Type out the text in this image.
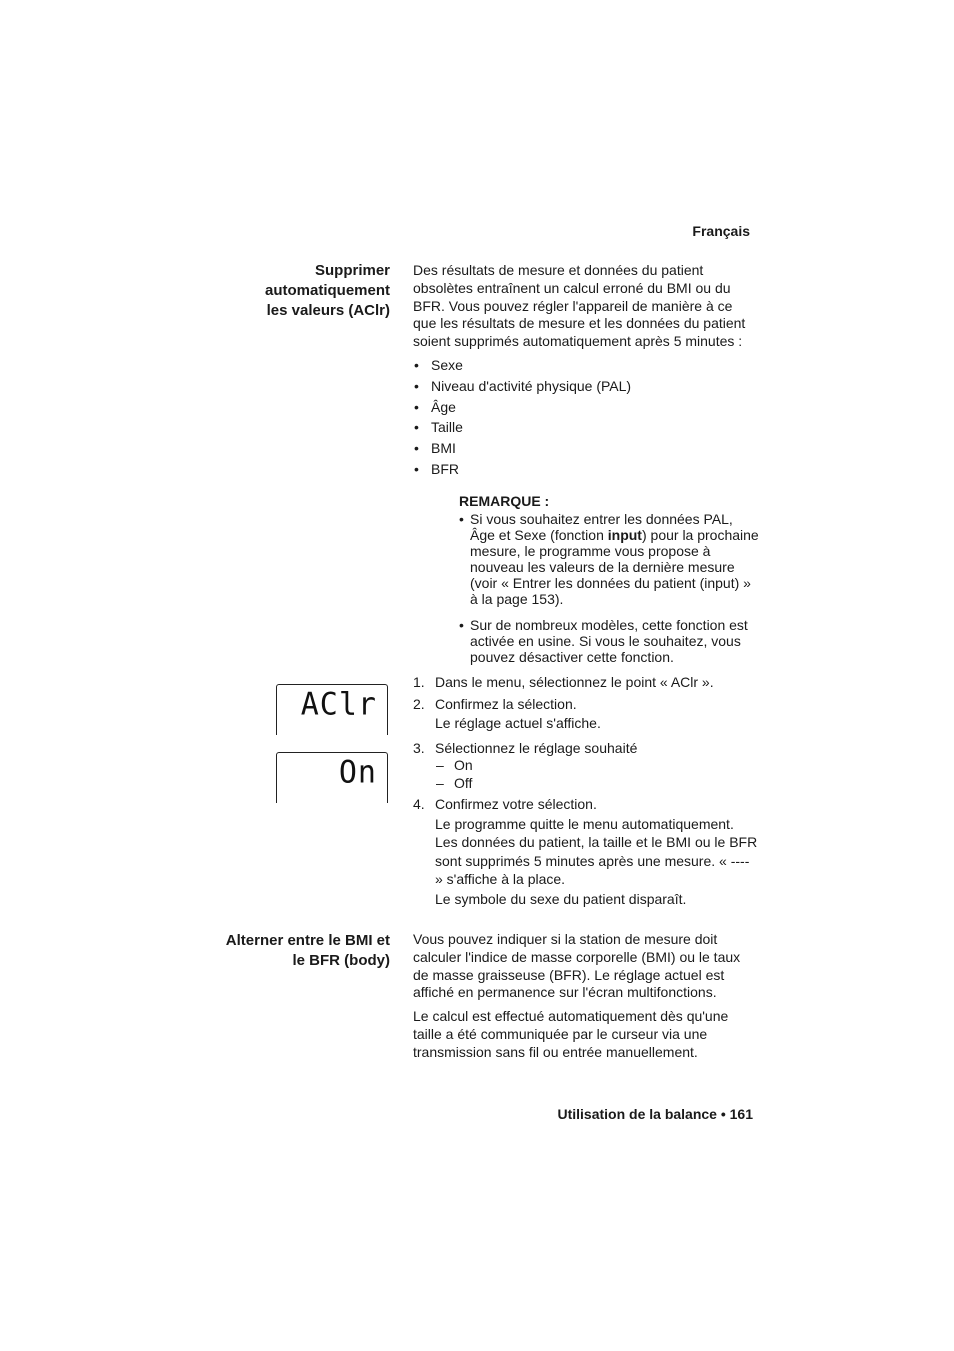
Français
Supprimer
automatiquement
les valeurs (AClr)
Des résultats de mesure et données du patient obsolètes entraînent un calcul erroné du BMI ou du BFR. Vous pouvez régler l'appareil de manière à ce que les résultats de mesure et les données du patient soient supprimés automatiquement après 5 minutes :
• Sexe
• Niveau d'activité physique (PAL)
• Âge
• Taille
• BMI
• BFR
REMARQUE :
• Si vous souhaitez entrer les données PAL, Âge et Sexe (fonction input) pour la prochaine mesure, le programme vous propose à nouveau les valeurs de la dernière mesure (voir « Entrer les données du patient (input) » à la page 153).
• Sur de nombreux modèles, cette fonction est activée en usine. Si vous le souhaitez, vous pouvez désactiver cette fonction.
AClr
On
1. Dans le menu, sélectionnez le point « AClr ».
2. Confirmez la sélection.
Le réglage actuel s'affiche.
3. Sélectionnez le réglage souhaité
– On
– Off
4. Confirmez votre sélection.
Le programme quitte le menu automatiquement. Les données du patient, la taille et le BMI ou le BFR sont supprimés 5 minutes après une mesure. « ---- » s'affiche à la place.
Le symbole du sexe du patient disparaît.
Alterner entre le BMI et
le BFR (body)
Vous pouvez indiquer si la station de mesure doit calculer l'indice de masse corporelle (BMI) ou le taux de masse graisseuse (BFR). Le réglage actuel est affiché en permanence sur l'écran multifonctions.
Le calcul est effectué automatiquement dès qu'une taille a été communiquée par le curseur via une transmission sans fil ou entrée manuellement.
Utilisation de la balance • 161
